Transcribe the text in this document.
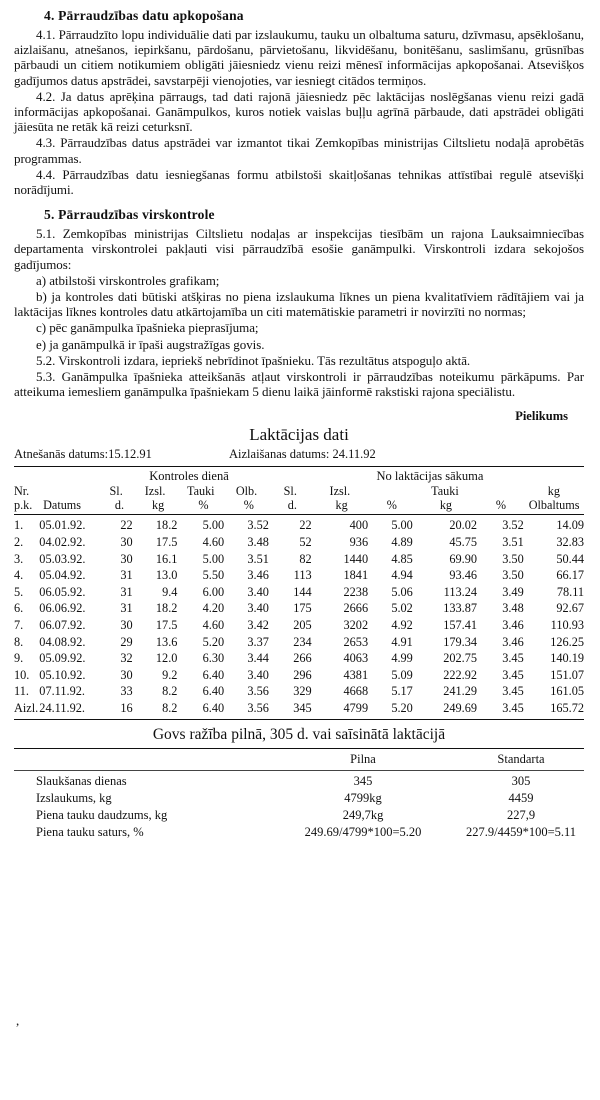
4. Pārraudzības datu apkopošana

4.1. Pārraudzīto lopu individuālie dati par izslaukumu, tauku un olbaltuma saturu, dzīvmasu, apsēklošanu, aizlaišanu, atnešanos, iepirkšanu, pārdošanu, pārvietošanu, likvidēšanu, bonitēšanu, saslimšanu, grūsnības pārbaudi un citiem notikumiem obligāti jāiesniedz vienu reizi mēnesī informācijas apkopošanai. Atsevišķos gadījumos datus apstrādei, savstarpēji vienojoties, var iesniegt citādos termiņos.

4.2. Ja datus aprēķina pārraugs, tad dati rajonā jāiesniedz pēc laktācijas noslēgšanas vienu reizi gadā informācijas apkopošanai. Ganāmpulkos, kuros notiek vaislas buļļu agrīnā pārbaude, dati apstrādei obligāti jāiesūta ne retāk kā reizi ceturksnī.

4.3. Pārraudzības datus apstrādei var izmantot tikai Zemkopības ministrijas Ciltslietu nodaļā aprobētās programmas.

4.4. Pārraudzības datu iesniegšanas formu atbilstoši skaitļošanas tehnikas attīstībai regulē atsevišķi norādījumi.

5. Pārraudzības virskontrole

5.1. Zemkopības ministrijas Ciltslietu nodaļas ar inspekcijas tiesībām un rajona Lauksaimniecības departamenta virskontrolei pakļauti visi pārraudzībā esošie ganāmpulki. Virskontroli izdara sekojošos gadījumos:

a) atbilstoši virskontroles grafikam;

b) ja kontroles dati būtiski atšķiras no piena izslaukuma līknes un piena kvalitatīviem rādītājiem vai ja laktācijas līknes kontroles datu atkārtojamība un citi matemātiskie parametri ir novirzīti no normas;

c) pēc ganāmpulka īpašnieka pieprasījuma;

e) ja ganāmpulkā ir īpaši augstražīgas govis.

5.2. Virskontroli izdara, iepriekš nebrīdinot īpašnieku. Tās rezultātus atspoguļo aktā.

5.3. Ganāmpulka īpašnieka atteikšanās atļaut virskontroli ir pārraudzības noteikumu pārkāpums. Par atteikuma iemesliem ganāmpulka īpašniekam 5 dienu laikā jāinformē rakstiski rajona speciālistu.

Pielikums

Laktācijas dati
Atnešanās datums:15.12.91	Aizlaišanas datums: 24.11.92
Kontroles dienā	No laktācijas sākuma
Nr.	Sl.	Izsl.	Tauki	Olb.	Sl.	Izsl.	Tauki	kg
p.k. Datums	d.	kg	%	%	d.	kg	%	kg	%	Olbaltums
1.	05.01.92.	22	18.2	5.00	3.52	22	400	5.00	20.02	3.52	14.09
2.	04.02.92.	30	17.5	4.60	3.48	52	936	4.89	45.75	3.51	32.83
3.	05.03.92.	30	16.1	5.00	3.51	82	1440	4.85	69.90	3.50	50.44
4.	05.04.92.	31	13.0	5.50	3.46	113	1841	4.94	93.46	3.50	66.17
5.	06.05.92.	31	9.4	6.00	3.40	144	2238	5.06	113.24	3.49	78.11
6.	06.06.92.	31	18.2	4.20	3.40	175	2666	5.02	133.87	3.48	92.67
7.	06.07.92.	30	17.5	4.60	3.42	205	3202	4.92	157.41	3.46	110.93
8.	04.08.92.	29	13.6	5.20	3.37	234	2653	4.91	179.34	3.46	126.25
9.	05.09.92.	32	12.0	6.30	3.44	266	4063	4.99	202.75	3.45	140.19
10. 05.10.92.	30	9.2	6.40	3.40	296	4381	5.09	222.92	3.45	151.07
11. 07.11.92.	33	8.2	6.40	3.56	329	4668	5.17	241.29	3.45	161.05
Aizl. 24.11.92.	16	8.2	6.40	3.56	345	4799	5.20	249.69	3.45	165.72
Govs ražība pilnā, 305 d. vai saīsinātā laktācijā
	Pilna	Standarta
Slaukšanas dienas	345	305
Izslaukums, kg	4799kg	4459
Piena tauku daudzums, kg	249,7kg	227,9
Piena tauku saturs, %	249.69/4799*100=5.20	227.9/4459*100=5.11
,
